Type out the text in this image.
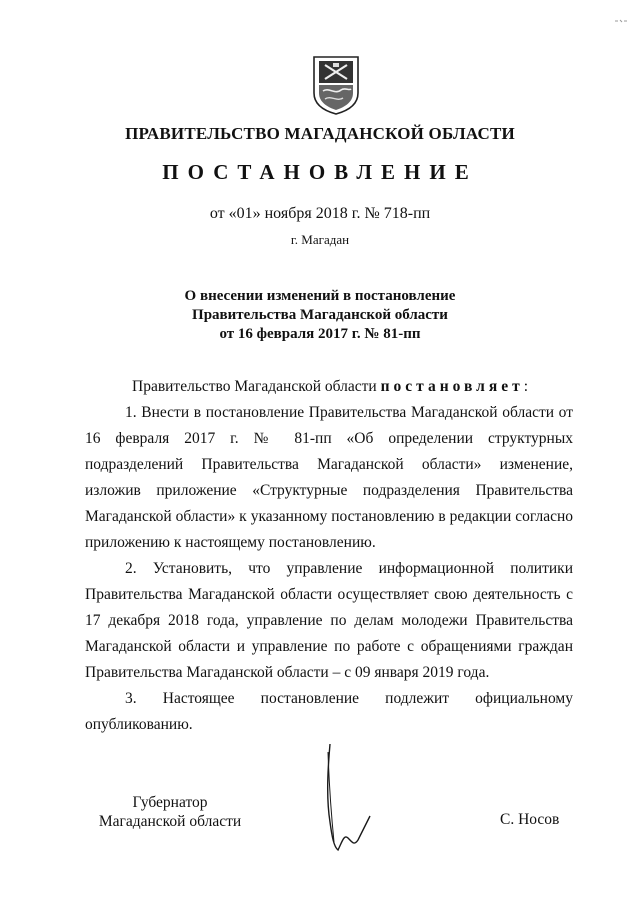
ПРАВИТЕЛЬСТВО МАГАДАНСКОЙ ОБЛАСТИ
ПОСТАНОВЛЕНИЕ
от «01» ноября 2018 г. № 718-пп
г. Магадан
О внесении изменений в постановление
Правительства Магаданской области
от 16 февраля 2017 г. № 81-пп

Правительство Магаданской области постановляет:

1. Внести в постановление Правительства Магаданской области от 16 февраля 2017 г. № 81-пп «Об определении структурных подразделений Правительства Магаданской области» изменение, изложив приложение «Структурные подразделения Правительства Магаданской области» к указанному постановлению в редакции согласно приложению к настоящему постановлению.

2. Установить, что управление информационной политики Правительства Магаданской области осуществляет свою деятельность с 17 декабря 2018 года, управление по делам молодежи Правительства Магаданской области и управление по работе с обращениями граждан Правительства Магаданской области – с 09 января 2019 года.

3. Настоящее постановление подлежит официальному опубликованию.

Губернатор
Магаданской области	С. Носов
